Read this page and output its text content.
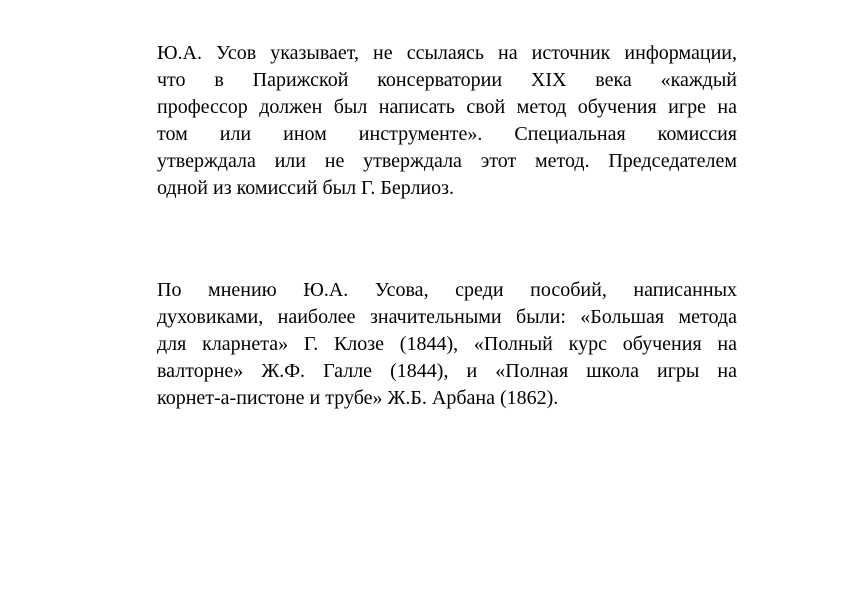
Ю.А. Усов указывает, не ссылаясь на источник информации,
что в Парижской консерватории XIX века «каждый
профессор должен был написать свой метод обучения игре на
том или ином инструменте». Специальная комиссия
утверждала или не утверждала этот метод. Председателем
одной из комиссий был Г. Берлиоз.

По мнению Ю.А. Усова, среди пособий, написанных
духовиками, наиболее значительными были: «Большая метода
для кларнета» Г. Клозе (1844), «Полный курс обучения на
валторне» Ж.Ф. Галле (1844), и «Полная школа игры на
корнет-а-пистоне и трубе» Ж.Б. Арбана (1862).
